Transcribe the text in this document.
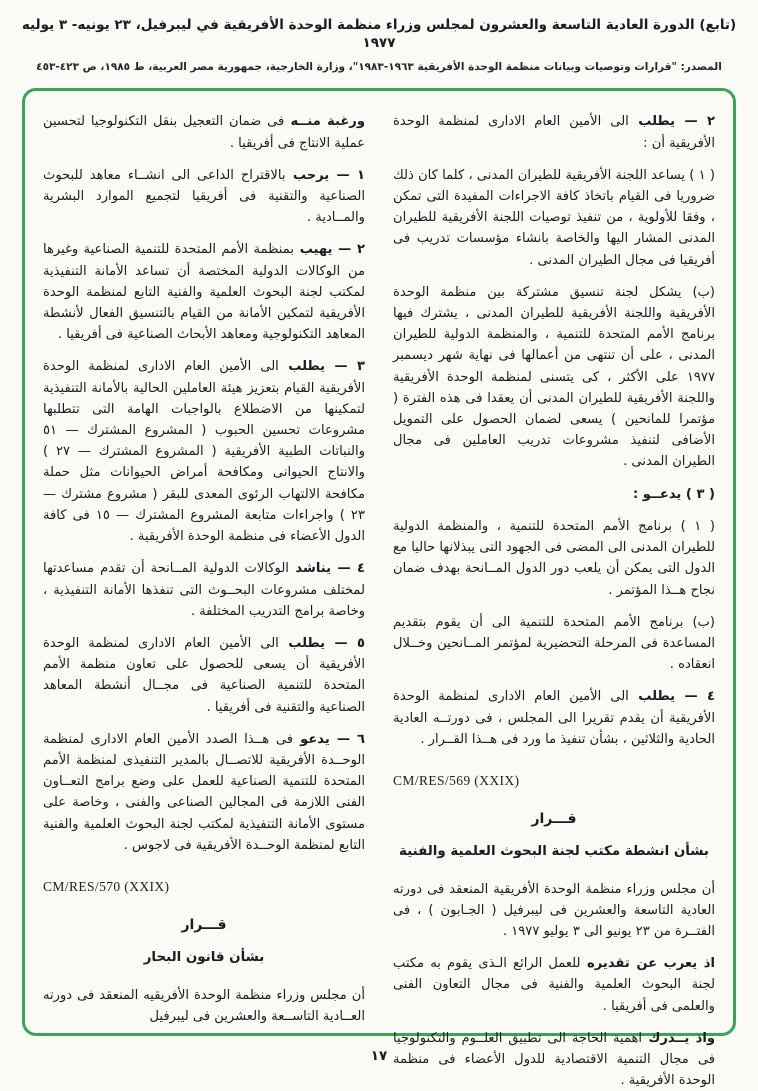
(تابع) الدورة العادية التاسعة والعشرون لمجلس وزراء منظمة الوحدة الأفريقية في ليبرفيل، ٢٣ يونيه- ٣ يوليه ١٩٧٧
المصدر: "قرارات وتوصيات وبيانات منظمة الوحدة الأفريقية ١٩٦٣-١٩٨٣"، وزارة الخارجية، جمهورية مصر العربية، ط ١٩٨٥، ص ٤٢٣-٤٥٣
٢ — يطلب الى الأمين العام الادارى لمنظمة الوحدة الأفريقية أن :
( ١ ) يساعد اللجنة الأفريقية للطيران المدنى ، كلما كان ذلك ضروريا فى القيام باتخاذ كافة الاجراءات المفيدة التى تمكن ، وفقا للأولوية ، من تنفيذ توصيات اللجنة الأفريقية للطيران المدنى المشار اليها والخاصة بانشاء مؤسسات تدريب فى أفريقيا فى مجال الطيران المدنى .
(ب) يشكل لجنة تنسيق مشتركة بين منظمة الوحدة الأفريقية واللجنة الأفريقية للطيران المدنى ، يشترك فيها برنامج الأمم المتحدة للتنمية ، والمنظمة الدولية للطيران المدنى ، على أن تنتهى من أعمالها فى نهاية شهر ديسمبر ١٩٧٧ على الأكثر ، كى يتسنى لمنظمة الوحدة الأفريقية واللجنة الأفريقية للطيران المدنى أن يعقدا فى هذه الفترة ( مؤتمرا للمانحين ) يسعى لضمان الحصول على التمويل الأضافى لتنفيذ مشروعات تدريب العاملين فى مجال الطيران المدنى .
( ٣ ) يدعــو :
( ١ ) برنامج الأمم المتحدة للتنمية ، والمنظمة الدولية للطيران المدنى الى المضى فى الجهود التى يبذلانها حاليا مع الدول التى يمكن أن يلعب دور الدول المــانحة بهدف ضمان نجاح هــذا المؤتمر .
(ب) برنامج الأمم المتحدة للتنمية الى أن يقوم بتقديم المساعدة فى المرحلة التحضيرية لمؤتمر المــانحين وخــلال انعقاده .
٤ — يطلب الى الأمين العام الادارى لمنظمة الوحدة الأفريقية أن يقدم تقريرا الى المجلس ، فى دورتــه العادية الحادية والثلاثين ، بشأن تنفيذ ما ورد فى هــذا القــرار .
CM/RES/569 (XXIX)
قـــرار
بشأن انشطة مكتب لجنة البحوث العلمية والفنية
أن مجلس وزراء منظمة الوحدة الأفريقية المنعقد فى دورته العادية التاسعة والعشرين فى ليبرفيل ( الجـابون ) ، فى الفتــرة من ٢٣ يونيو الى ٣ يوليو ١٩٧٧ .
اذ يعرب عن تقديره للعمل الرائع الـذى يقوم به مكتب لجنة البحوث العلمية والفنية فى مجال التعاون الفنى والعلمى فى أفريقيا .
واذ يــدرك اهمية الحاجة الى تطبيق العلــوم والتكنولوجيا فى مجال التنمية الاقتصادية للدول الأعضاء فى منظمة الوحدة الأفريقية .
ورغبة منــه فى ضمان التعجيل بنقل التكنولوجيا لتحسين عملية الانتاج فى أفريقيا .
١ — يرحب بالاقتراح الداعى الى انشــاء معاهد للبحوث الصناعية والتقنية فى أفريقيا لتجميع الموارد البشرية والمــادية .
٢ — يهيب بمنظمة الأمم المتحدة للتنمية الصناعية وغيرها من الوكالات الدولية المختصة أن تساعد الأمانة التنفيذية لمكتب لجنة البحوث العلمية والفنية التابع لمنظمة الوحدة الأفريقية لتمكين الأمانة من القيام بالتنسيق الفعال لأنشطة المعاهد التكنولوجية ومعاهد الأبحاث الصناعية فى أفريقيا .
٣ — يطلب الى الأمين العام الادارى لمنظمة الوحدة الأفريقية القيام بتعزيز هيئة العاملين الحالية بالأمانة التنفيذية لتمكينها من الاضطلاع بالواجبات الهامة التى تتطلبها مشروعات تحسين الحبوب ( المشروع المشترك — ٥١ والنباتات الطبية الأفريقية ( المشروع المشترك — ٢٧ ) والانتاج الحيوانى ومكافحة أمراض الحيوانات مثل حملة مكافحة الالتهاب الرئوى المعدى للبقر ( مشروع مشترك — ٢٣ ) واجراءات متابعة المشروع المشترك — ١٥ فى كافة الدول الأعضاء فى منظمة الوحدة الأفريقية .
٤ — يناشد الوكالات الدولية المــانحة أن تقدم مساعدتها لمختلف مشروعات البحــوث التى تنفذها الأمانة التنفيذية ، وخاصة برامج التدريب المختلفة .
٥ — يطلب الى الأمين العام الادارى لمنظمة الوحدة الأفريقية أن يسعى للحصول على تعاون منظمة الأمم المتحدة للتنمية الصناعية فى مجــال أنشطة المعاهد الصناعية والتقنية فى أفريقيا .
٦ — يدعو فى هــذا الصدد الأمين العام الادارى لمنظمة الوحــدة الأفريقية للاتصــال بالمدير التنفيذى لمنظمة الأمم المتحدة للتنمية الصناعية للعمل على وضع برامج التعــاون الفنى اللازمة فى المجالين الصناعى والفنى ، وخاصة على مستوى الأمانة التنفيذية لمكتب لجنة البحوث العلمية والفنية التابع لمنظمة الوحــدة الأفريقية فى لاجوس .
CM/RES/570 (XXIX)
قـــرار
بشأن قانون البحار
أن مجلس وزراء منظمة الوحدة الأفريقيه المنعقد فى دورته العــادية التاســعة والعشرين فى ليبرفيل
١٧
